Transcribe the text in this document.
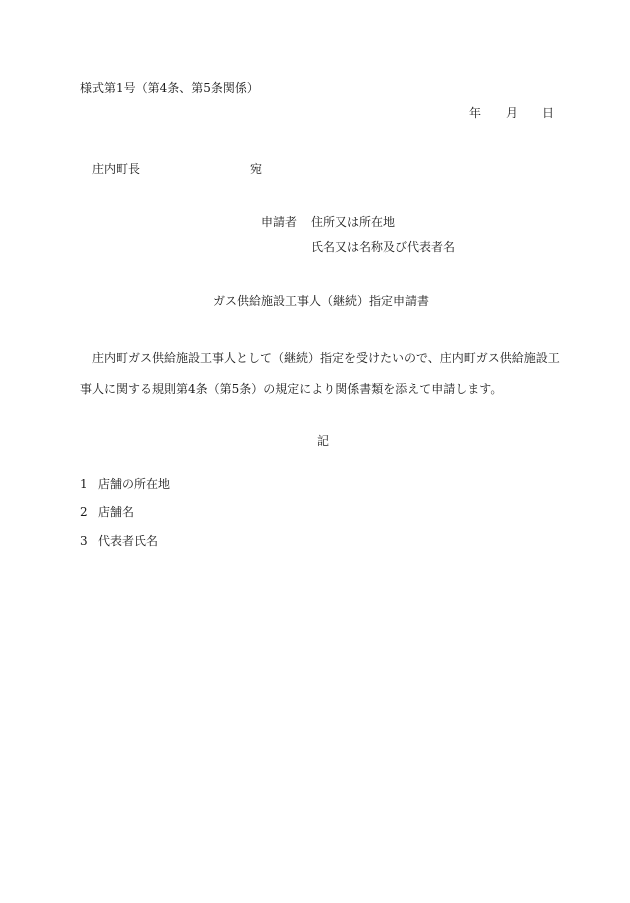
様式第1号（第4条、第5条関係）
年 月 日
庄内町長	宛
申請者 住所又は所在地
氏名又は名称及び代表者名
ガス供給施設工事人（継続）指定申請書
庄内町ガス供給施設工事人として（継続）指定を受けたいので、庄内町ガス供給施設工
事人に関する規則第4条（第5条）の規定により関係書類を添えて申請します。
記
1 店舗の所在地
2 店舗名
3 代表者氏名
